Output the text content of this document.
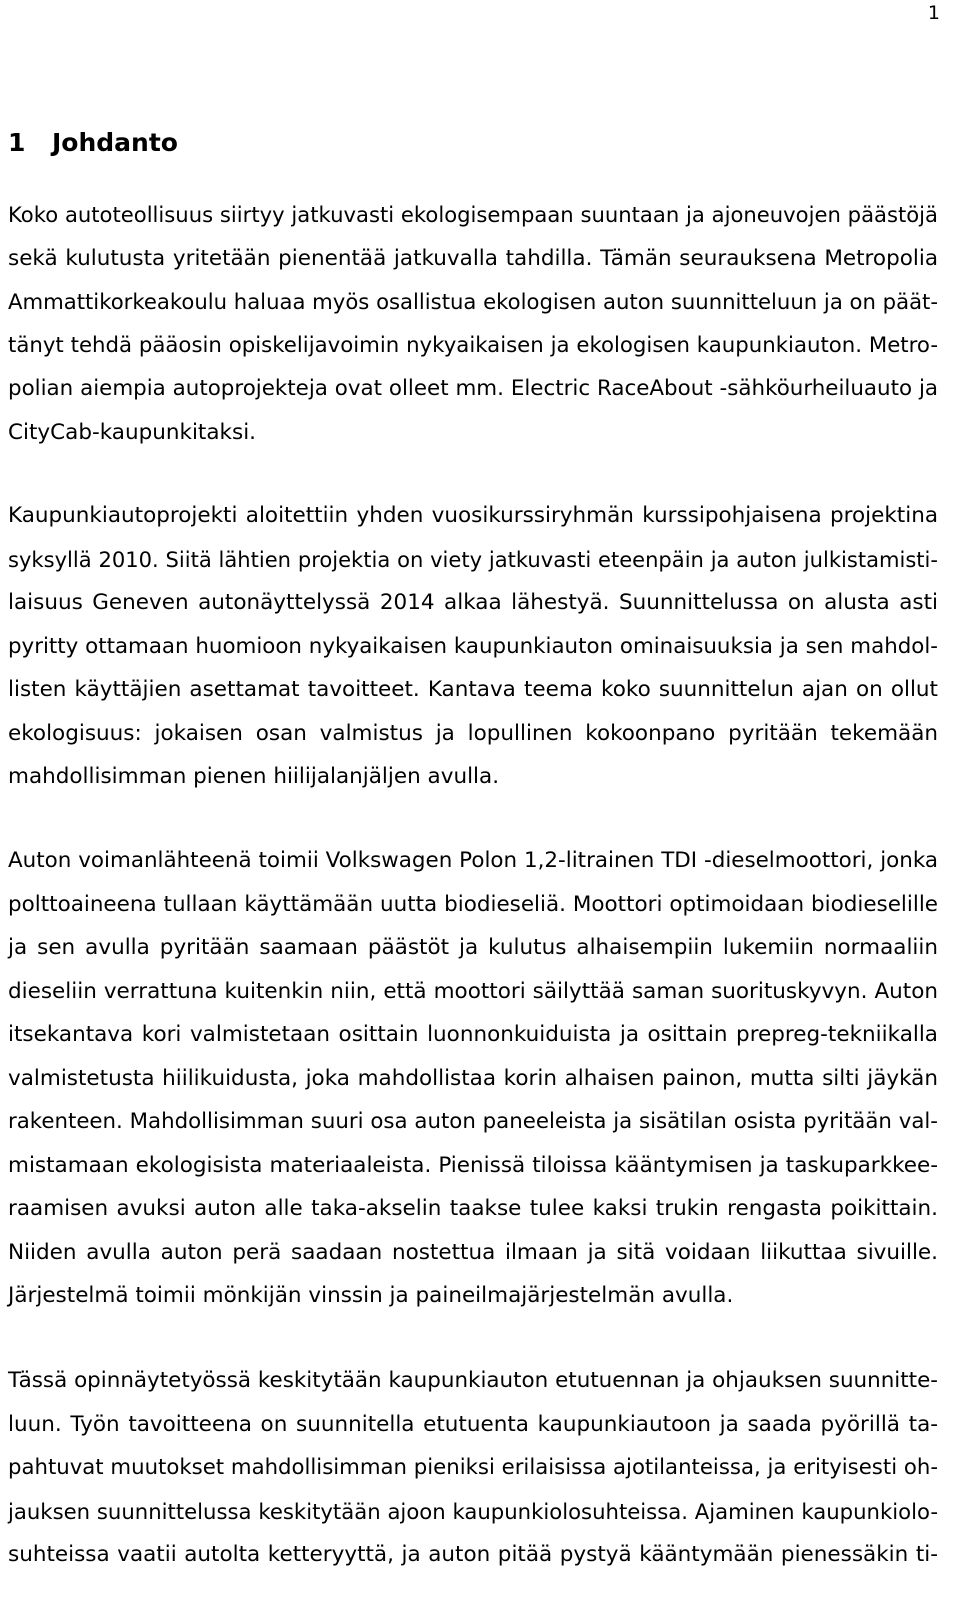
1
1 Johdanto

Koko autoteollisuus siirtyy jatkuvasti ekologisempaan suuntaan ja ajoneuvojen päästöjä
sekä kulutusta yritetään pienentää jatkuvalla tahdilla. Tämän seurauksena Metropolia
Ammattikorkeakoulu haluaa myös osallistua ekologisen auton suunnitteluun ja on päät-
tänyt tehdä pääosin opiskelijavoimin nykyaikaisen ja ekologisen kaupunkiauton. Metro-
polian aiempia autoprojekteja ovat olleet mm. Electric RaceAbout -sähköurheiluauto ja
CityCab-kaupunkitaksi.

Kaupunkiautoprojekti aloitettiin yhden vuosikurssiryhmän kurssipohjaisena projektina
syksyllä 2010. Siitä lähtien projektia on viety jatkuvasti eteenpäin ja auton julkistamisti-
laisuus Geneven autonäyttelyssä 2014 alkaa lähestyä. Suunnittelussa on alusta asti
pyritty ottamaan huomioon nykyaikaisen kaupunkiauton ominaisuuksia ja sen mahdol-
listen käyttäjien asettamat tavoitteet. Kantava teema koko suunnittelun ajan on ollut
ekologisuus: jokaisen osan valmistus ja lopullinen kokoonpano pyritään tekemään
mahdollisimman pienen hiilijalanjäljen avulla.

Auton voimanlähteenä toimii Volkswagen Polon 1,2-litrainen TDI -dieselmoottori, jonka
polttoaineena tullaan käyttämään uutta biodieseliä. Moottori optimoidaan biodieselille
ja sen avulla pyritään saamaan päästöt ja kulutus alhaisempiin lukemiin normaaliin
dieseliin verrattuna kuitenkin niin, että moottori säilyttää saman suorituskyvyn. Auton
itsekantava kori valmistetaan osittain luonnonkuiduista ja osittain prepreg-tekniikalla
valmistetusta hiilikuidusta, joka mahdollistaa korin alhaisen painon, mutta silti jäykän
rakenteen. Mahdollisimman suuri osa auton paneeleista ja sisätilan osista pyritään val-
mistamaan ekologisista materiaaleista. Pienissä tiloissa kääntymisen ja taskuparkkee-
raamisen avuksi auton alle taka-akselin taakse tulee kaksi trukin rengasta poikittain.
Niiden avulla auton perä saadaan nostettua ilmaan ja sitä voidaan liikuttaa sivuille.
Järjestelmä toimii mönkijän vinssin ja paineilmajärjestelmän avulla.

Tässä opinnäytetyössä keskitytään kaupunkiauton etutuennan ja ohjauksen suunnitte-
luun. Työn tavoitteena on suunnitella etutuenta kaupunkiautoon ja saada pyörillä ta-
pahtuvat muutokset mahdollisimman pieniksi erilaisissa ajotilanteissa, ja erityisesti oh-
jauksen suunnittelussa keskitytään ajoon kaupunkiolosuhteissa. Ajaminen kaupunkiolo-
suhteissa vaatii autolta ketteryyttä, ja auton pitää pystyä kääntymään pienessäkin ti-
